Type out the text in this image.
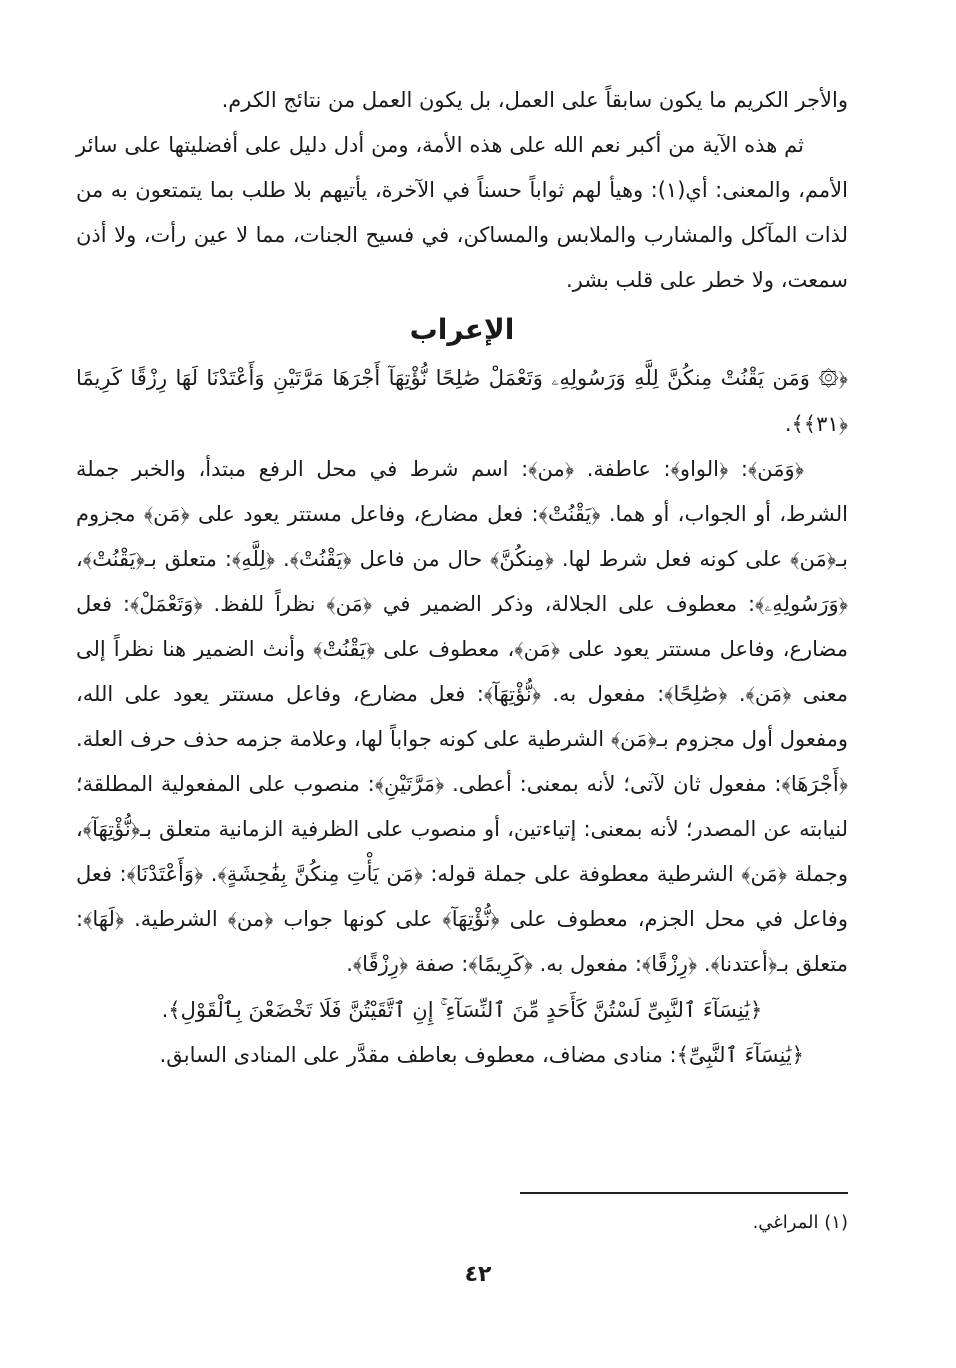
والأجر الكريم ما يكون سابقاً على العمل، بل يكون العمل من نتائج الكرم.

ثم هذه الآية من أكبر نعم الله على هذه الأمة، ومن أدل دليل على أفضليتها على سائر الأمم، والمعنى: أي(١): وهيأ لهم ثواباً حسناً في الآخرة، يأتيهم بلا طلب بما يتمتعون به من لذات المآكل والمشارب والملابس والمساكن، في فسيح الجنات، مما لا عين رأت، ولا أذن سمعت، ولا خطر على قلب بشر.

الإعراب

﴿۞ وَمَن يَقْنُتْ مِنكُنَّ لِلَّهِ وَرَسُولِهِۦ وَتَعْمَلْ صَٰلِحًا نُّؤْتِهَآ أَجْرَهَا مَرَّتَيْنِ وَأَعْتَدْنَا لَهَا رِزْقًا كَرِيمًا ﴿٣١﴾﴾.

﴿وَمَن﴾: ﴿الواو﴾: عاطفة. ﴿من﴾: اسم شرط في محل الرفع مبتدأ، والخبر جملة الشرط، أو الجواب، أو هما. ﴿يَقْنُتْ﴾: فعل مضارع، وفاعل مستتر يعود على ﴿مَن﴾ مجزوم بـ﴿مَن﴾ على كونه فعل شرط لها. ﴿مِنكُنَّ﴾ حال من فاعل ﴿يَقْنُتْ﴾. ﴿لِلَّهِ﴾: متعلق بـ﴿يَقْنُتْ﴾، ﴿وَرَسُولِهِۦ﴾: معطوف على الجلالة، وذكر الضمير في ﴿مَن﴾ نظراً للفظ. ﴿وَتَعْمَلْ﴾: فعل مضارع، وفاعل مستتر يعود على ﴿مَن﴾، معطوف على ﴿يَقْنُتْ﴾ وأنث الضمير هنا نظراً إلى معنى ﴿مَن﴾. ﴿صَٰلِحًا﴾: مفعول به. ﴿نُّؤْتِهَآ﴾: فعل مضارع، وفاعل مستتر يعود على الله، ومفعول أول مجزوم بـ﴿مَن﴾ الشرطية على كونه جواباً لها، وعلامة جزمه حذف حرف العلة. ﴿أَجْرَهَا﴾: مفعول ثان لآتى؛ لأنه بمعنى: أعطى. ﴿مَرَّتَيْنِ﴾: منصوب على المفعولية المطلقة؛ لنيابته عن المصدر؛ لأنه بمعنى: إتياءتين، أو منصوب على الظرفية الزمانية متعلق بـ﴿نُّؤْتِهَآ﴾، وجملة ﴿مَن﴾ الشرطية معطوفة على جملة قوله: ﴿مَن يَأْتِ مِنكُنَّ بِفَٰحِشَةٍ﴾. ﴿وَأَعْتَدْنَا﴾: فعل وفاعل في محل الجزم، معطوف على ﴿نُّؤْتِهَآ﴾ على كونها جواب ﴿من﴾ الشرطية. ﴿لَهَا﴾: متعلق بـ﴿أعتدنا﴾. ﴿رِزْقًا﴾: مفعول به. ﴿كَرِيمًا﴾: صفة ﴿رِزْقًا﴾.

﴿يَٰنِسَآءَ ٱلنَّبِىِّ لَسْتُنَّ كَأَحَدٍ مِّنَ ٱلنِّسَآءِ ۚ إِنِ ٱتَّقَيْتُنَّ فَلَا تَخْضَعْنَ بِٱلْقَوْلِ﴾.

﴿يَٰنِسَآءَ ٱلنَّبِىِّ﴾: منادى مضاف، معطوف بعاطف مقدَّر على المنادى السابق.

(١) المراغي.
٤٢
